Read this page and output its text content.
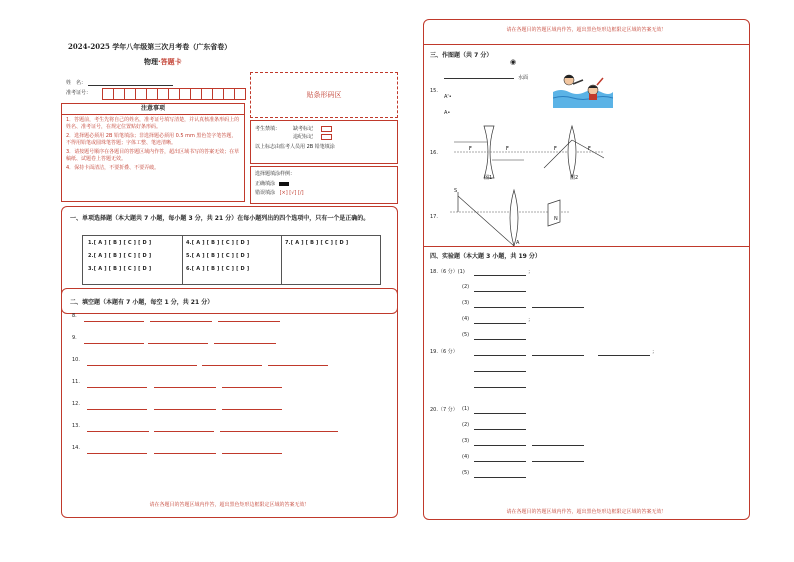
2024-2025 学年八年级第三次月考卷（广东省卷）
物理·答题卡
姓　名：
准考证号：
注意事项
1．答题前，考生先将自己的姓名，准考证号填写清楚，并认真核准条形码上的姓名、准考证号，在规定位置贴好条形码。
2．选择题必须用 2B 铅笔填涂；非选择题必须用 0.5 mm 黑色签字笔答题，不得用铅笔或圆珠笔答题；字体工整、笔迹清晰。
3．请按题号顺序在各题目的答题区域内作答，超出区域书写的答案无效；在草稿纸、试题卷上答题无效。
4．保持卡面清洁，不要折叠、不要弄破。
贴条形码区
考生禁填：	缺考标记
违纪标记
以上标志由监考人员用 2B 铅笔填涂
选择题填涂样例：
正确填涂
错误填涂 [×] [√] [/]
一、单项选择题（本大题共 7 小题，每小题 3 分，共 21 分）在每小题列出的四个选项中，只有一个是正确的。
1.[ A ] [ B ] [ C ] [ D ]
2.[ A ] [ B ] [ C ] [ D ]
3.[ A ] [ B ] [ C ] [ D ]
4.[ A ] [ B ] [ C ] [ D ]
5.[ A ] [ B ] [ C ] [ D ]
6.[ A ] [ B ] [ C ] [ D ]
7.[ A ] [ B ] [ C ] [ D ]
二、填空题（本题有 7 小题，每空 1 分，共 21 分）
8.
9.
10.
11.
12.
13.
14.
请在各题目的答题区域内作答，超出黑色矩形边框限定区域的答案无效！
请在各题目的答题区域内作答，超出黑色矩形边框限定区域的答案无效！
三、作图题（共 7 分）
◉
水面
15.
A'•
A•
16.
F	F	F	F
图1	图2
17.
S
N
A
四、实验题（本大题 3 小题，共 19 分）
18.（6 分）(1)	；
(2)
(3)
(4)	；
(5)
19.（6 分）	；
20.（7 分） (1)
(2)
(3)
(4)
(5)
请在各题目的答题区域内作答，超出黑色矩形边框限定区域的答案无效！
